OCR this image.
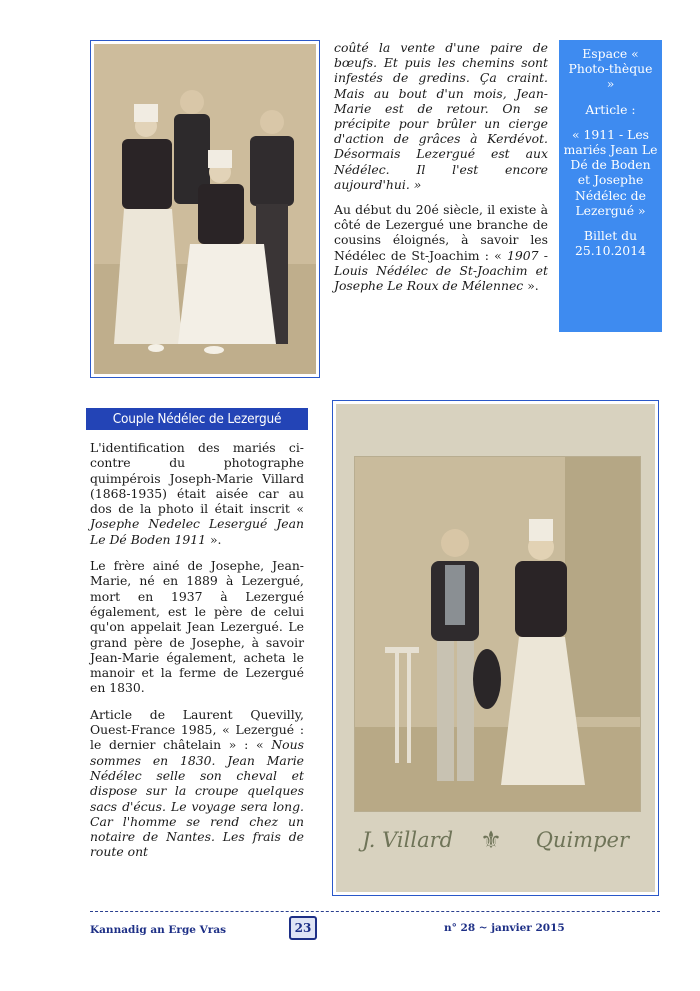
coûté la vente d'une paire de bœufs. Et puis les chemins sont infestés de gredins. Ça craint. Mais au bout d'un mois, Jean-Marie est de retour. On se précipite pour brûler un cierge d'action de grâces à Kerdévot. Désormais Lezergué est aux Nédélec. Il l'est encore aujourd'hui. »

Au début du 20é siècle, il existe à côté de Lezergué une branche de cousins éloignés, à savoir les Nédélec de St-Joachim : « 1907 - Louis Nédélec de St-Joachim et Josephe Le Roux de Mélennec ».

Espace « Photo-thèque »

Article :

« 1911 - Les mariés Jean Le Dé de Boden et Josephe Nédélec de Lezergué »

Billet du 25.10.2014

Couple Nédélec de Lezergué

L'identification des mariés ci-contre du photographe quimpérois Joseph-Marie Villard (1868-1935) était aisée car au dos de la photo il était inscrit « Josephe Nedelec Lesergué Jean Le Dé Boden 1911 ».

Le frère ainé de Josephe, Jean-Marie, né en 1889 à Lezergué, mort en 1937 à Lezergué également, est le père de celui qu'on appelait Jean Lezergué. Le grand père de Josephe, à savoir Jean-Marie également, acheta le manoir et la ferme de Lezergué en 1830.

Article de Laurent Quevilly, Ouest-France 1985, « Lezergué : le dernier châtelain » : « Nous sommes en 1830. Jean Marie Nédélec selle son cheval et dispose sur la croupe quelques sacs d'écus. Le voyage sera long. Car l'homme se rend chez un notaire de Nantes. Les frais de route ont	J. Villard ⚜ Quimper
Kannadig an Erge Vras	23	n° 28 ~ janvier 2015
